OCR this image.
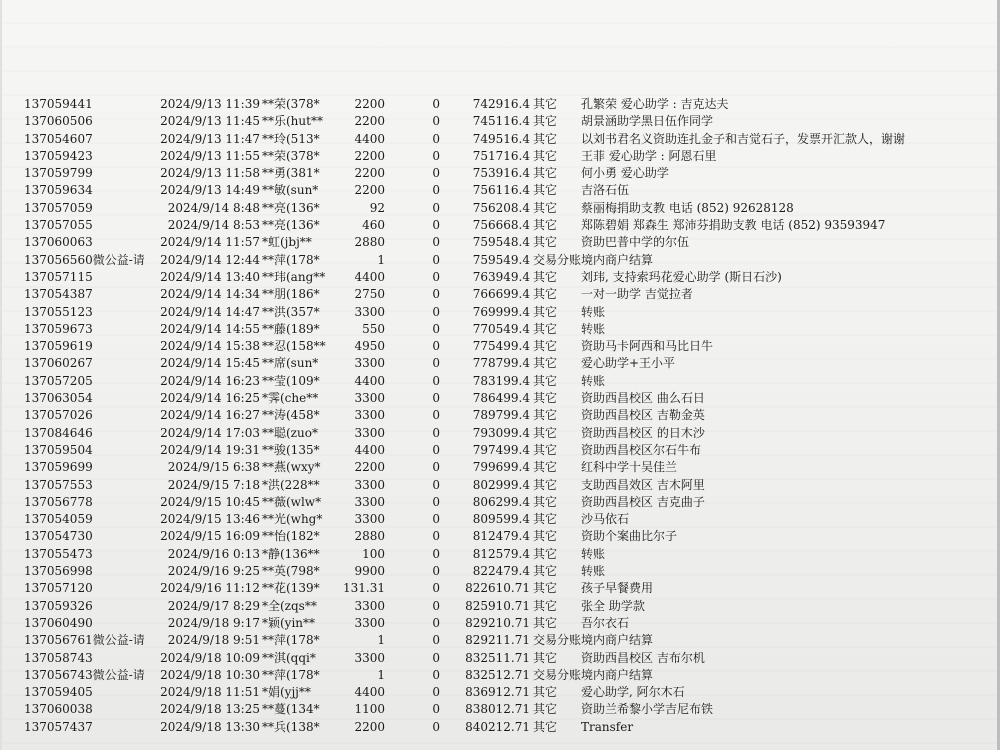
137059441	2024/9/13 11:39 **荣(378*	2200	0	742916.4 其它	孔繁荣 爱心助学 : 吉克达夫
137060506	2024/9/13 11:45 **乐(hut**	2200	0	745116.4 其它	胡景涵助学黑日伍作同学
137054607	2024/9/13 11:47 **玲(513*	4400	0	749516.4 其它	以刘书君名义资助连扎金子和吉觉石子，发票开汇款人，谢谢
137059423	2024/9/13 11:55 **荣(378*	2200	0	751716.4 其它	王菲 爱心助学 : 阿恩石里
137059799	2024/9/13 11:58 **勇(381*	2200	0	753916.4 其它	何小勇 爱心助学
137059634	2024/9/13 14:49 **敏(sun*	2200	0	756116.4 其它	吉洛石伍
137057059	2024/9/14 8:48 **亮(136*	92	0	756208.4 其它	蔡丽梅捐助支教 电话 (852) 92628128
137057055	2024/9/14 8:53 **亮(136*	460	0	756668.4 其它	郑陈碧娟 郑森生 郑沛芬捐助支教 电话 (852) 93593947
137060063	2024/9/14 11:57 *虹(jbj**	2880	0	759548.4 其它	资助巴普中学的尔伍
137056560微公益-请	2024/9/14 12:44 **萍(178*	1	0	759549.4 交易分账 境内商户结算
137057115	2024/9/14 13:40 **玮(ang**	4400	0	763949.4 其它	刘玮, 支持索玛花爱心助学 (斯日石沙)
137054387	2024/9/14 14:34 **朋(186*	2750	0	766699.4 其它	一对一助学 吉觉拉者
137055123	2024/9/14 14:47 **洪(357*	3300	0	769999.4 其它	转账
137059673	2024/9/14 14:55 **藤(189*	550	0	770549.4 其它	转账
137059619	2024/9/14 15:38 **忍(158**	4950	0	775499.4 其它	资助马卡阿西和马比日牛
137060267	2024/9/14 15:45 **席(sun*	3300	0	778799.4 其它	爱心助学+王小平
137057205	2024/9/14 16:23 **莹(109*	4400	0	783199.4 其它	转账
137063054	2024/9/14 16:25 *霁(che**	3300	0	786499.4 其它	资助西昌校区 曲么石日
137057026	2024/9/14 16:27 **涛(458*	3300	0	789799.4 其它	资助西昌校区 吉勒金英
137084646	2024/9/14 17:03 **聪(zuo*	3300	0	793099.4 其它	资助西昌校区 的日木沙
137059504	2024/9/14 19:31 **骏(135*	4400	0	797499.4 其它	资助西昌校区尔石牛布
137059699	2024/9/15 6:38 **燕(wxy*	2200	0	799699.4 其它	红科中学十吴佳兰
137057553	2024/9/15 7:18 *洪(228**	3300	0	802999.4 其它	支助西昌效区 吉木阿里
137056778	2024/9/15 10:45 **薇(wlw*	3300	0	806299.4 其它	资助西昌校区 吉克曲子
137054059	2024/9/15 13:46 **光(whg*	3300	0	809599.4 其它	沙马依石
137054730	2024/9/15 16:09 **怡(182*	2880	0	812479.4 其它	资助个案曲比尔子
137055473	2024/9/16 0:13 *静(136**	100	0	812579.4 其它	转账
137056998	2024/9/16 9:25 **英(798*	9900	0	822479.4 其它	转账
137057120	2024/9/16 11:12 **花(139*	131.31	0	822610.71 其它	孩子早餐费用
137059326	2024/9/17 8:29 *全(zqs**	3300	0	825910.71 其它	张全 助学款
137060490	2024/9/18 9:17 *颖(yin**	3300	0	829210.71 其它	吾尔衣石
137056761微公益-请	2024/9/18 9:51 **萍(178*	1	0	829211.71 交易分账 境内商户结算
137058743	2024/9/18 10:09 **淇(qqi*	3300	0	832511.71 其它	资助西昌校区 吉布尔机
137056743微公益-请	2024/9/18 10:30 **萍(178*	1	0	832512.71 交易分账 境内商户结算
137059405	2024/9/18 11:51 *娟(yjj**	4400	0	836912.71 其它	爱心助学, 阿尔木石
137060038	2024/9/18 13:25 **蔓(134*	1100	0	838012.71 其它	资助兰希黎小学吉尼布铁
137057437	2024/9/18 13:30 **兵(138*	2200	0	840212.71 其它	Transfer
